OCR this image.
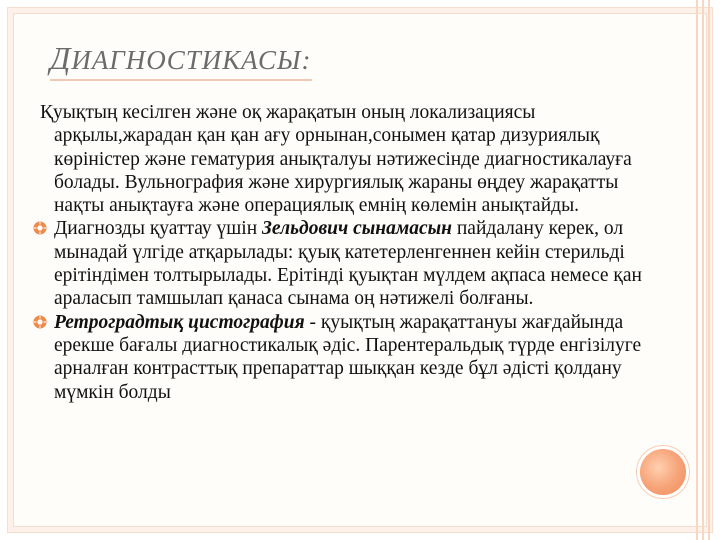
ДИАГНОСТИКАСЫ:

Қуықтың кесілген және оқ жарақатын оның локализациясы арқылы,жарадан қан қан ағу орнынан,сонымен қатар дизуриялық көріністер және гематурия анықталуы нәтижесінде диагностикалауға болады. Вульнография және хирургиялық жараны өңдеу жарақатты нақты анықтауға және операциялық емнің көлемін анықтайды.

Диагнозды қуаттау үшін Зельдович сынамасын пайдалану керек, ол мынадай үлгіде атқарылады: қуық катетерленгеннен кейін стерильді ерітіндімен толтырылады. Ерітінді қуықтан мүлдем ақпаса немесе қан араласып тамшылап қанаса сынама оң нәтижелі болғаны.

Ретроградтық цистография - қуықтың жарақаттануы жағдайында ерекше бағалы диагностикалық әдіс. Парентеральдық түрде енгізілуге арналған контрасттық препараттар шыққан кезде бұл әдісті қолдану мүмкін болды
